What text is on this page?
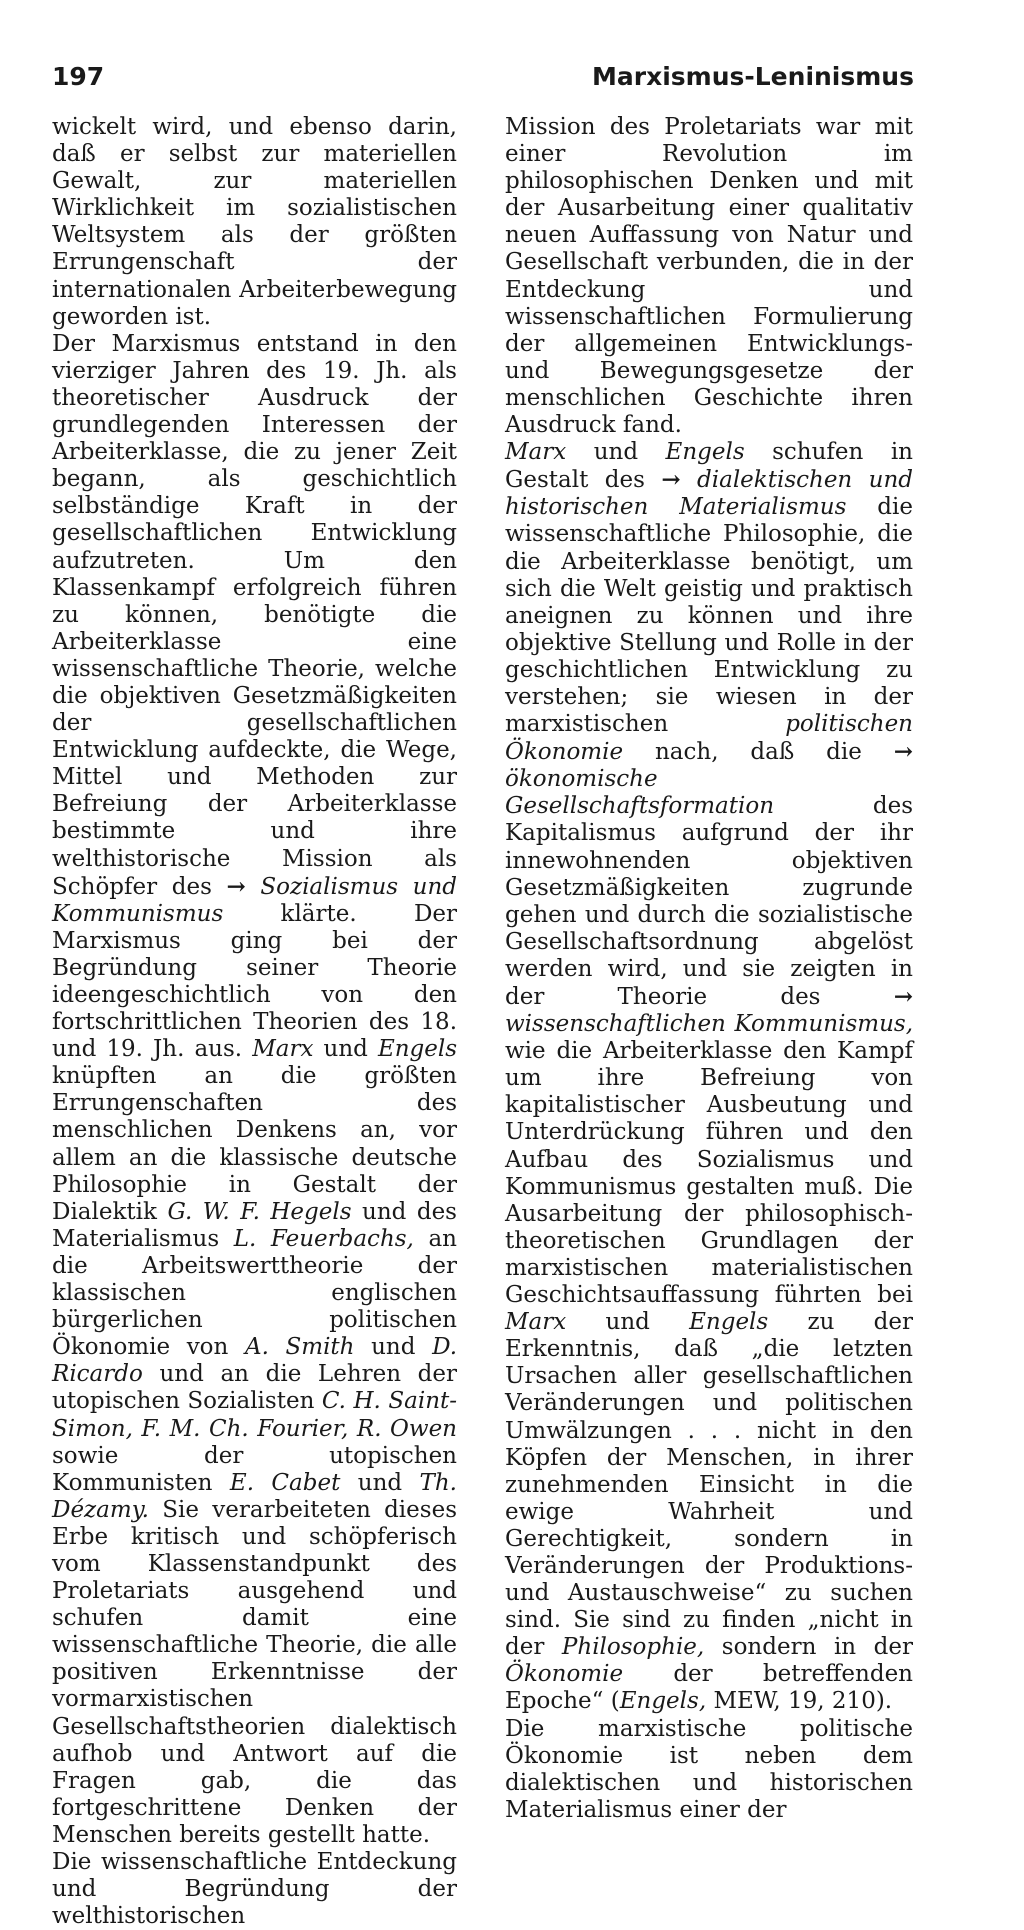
197	Marxismus-Leninismus

wickelt wird, und ebenso darin, daß er selbst zur materiellen Gewalt, zur materiellen Wirklichkeit im sozialistischen Weltsystem als der größten Errungenschaft der internationalen Arbeiterbewegung geworden ist.

Der Marxismus entstand in den vierziger Jahren des 19. Jh. als theoretischer Ausdruck der grundlegenden Interessen der Arbeiterklasse, die zu jener Zeit begann, als geschichtlich selbständige Kraft in der gesellschaftlichen Entwicklung aufzutreten. Um den Klassenkampf erfolgreich führen zu können, benötigte die Arbeiterklasse eine wissenschaftliche Theorie, welche die objektiven Gesetzmäßigkeiten der gesellschaftlichen Entwicklung aufdeckte, die Wege, Mittel und Methoden zur Befreiung der Arbeiterklasse bestimmte und ihre welthistorische Mission als Schöpfer des → Sozialismus und Kommunismus klärte. Der Marxismus ging bei der Begründung seiner Theorie ideengeschichtlich von den fortschrittlichen Theorien des 18. und 19. Jh. aus. Marx und Engels knüpften an die größten Errungenschaften des menschlichen Denkens an, vor allem an die klassische deutsche Philosophie in Gestalt der Dialektik G. W. F. Hegels und des Materialismus L. Feuerbachs, an die Arbeitswerttheorie der klassischen englischen bürgerlichen politischen Ökonomie von A. Smith und D. Ricardo und an die Lehren der utopischen Sozialisten C. H. Saint-Simon, F. M. Ch. Fourier, R. Owen sowie der utopischen Kommunisten E. Cabet und Th. Dézamy. Sie verarbeiteten dieses Erbe kritisch und schöpferisch vom Klassenstandpunkt des Proletariats ausgehend und schufen damit eine wissenschaftliche Theorie, die alle positiven Erkenntnisse der vormarxistischen Gesellschaftstheorien dialektisch aufhob und Antwort auf die Fragen gab, die das fortgeschrittene Denken der Menschen bereits gestellt hatte.

Die wissenschaftliche Entdeckung und Begründung der welthistorischen

Mission des Proletariats war mit einer Revolution im philosophischen Denken und mit der Ausarbeitung einer qualitativ neuen Auffassung von Natur und Gesellschaft verbunden, die in der Entdeckung und wissenschaftlichen Formulierung der allgemeinen Entwicklungs- und Bewegungsgesetze der menschlichen Geschichte ihren Ausdruck fand.

Marx und Engels schufen in Gestalt des → dialektischen und historischen Materialismus die wissenschaftliche Philosophie, die die Arbeiterklasse benötigt, um sich die Welt geistig und praktisch aneignen zu können und ihre objektive Stellung und Rolle in der geschichtlichen Entwicklung zu verstehen; sie wiesen in der marxistischen	politischen Ökonomie nach, daß die → ökonomische Gesellschaftsformation	des Kapitalismus aufgrund der ihr innewohnenden objektiven Gesetzmäßigkeiten zugrunde gehen und durch die sozialistische Gesellschaftsordnung abgelöst werden wird, und sie zeigten in der Theorie des	→ wissenschaftlichen Kommunismus, wie die Arbeiterklasse den Kampf um ihre Befreiung von kapitalistischer Ausbeutung und Unterdrückung führen und den Aufbau des Sozialismus und Kommunismus gestalten muß. Die Ausarbeitung der philosophisch-theoretischen Grundlagen der marxistischen materialistischen Geschichtsauffassung führten bei Marx und Engels zu der Erkenntnis, daß „die letzten Ursachen aller gesellschaftlichen Veränderungen und politischen Umwälzungen . . . nicht in den Köpfen der Menschen, in ihrer zunehmenden Einsicht in die ewige Wahrheit und Gerechtigkeit, sondern in Veränderungen der Produktions- und Austauschweise“ zu suchen sind. Sie sind zu finden „nicht in der Philosophie, sondern in der Ökonomie der betreffenden Epoche“ (Engels, MEW, 19, 210).

Die marxistische politische Ökonomie ist neben dem dialektischen und historischen Materialismus einer der
